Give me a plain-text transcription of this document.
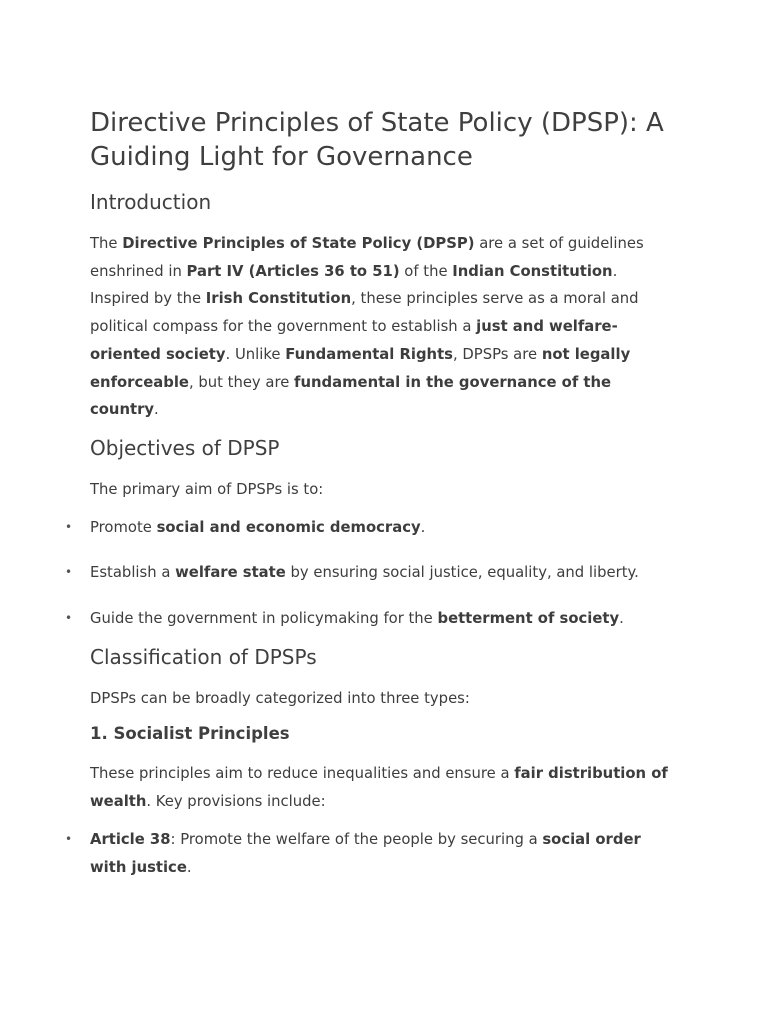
Directive Principles of State Policy (DPSP): A Guiding Light for Governance
Introduction

The Directive Principles of State Policy (DPSP) are a set of guidelines enshrined in Part IV (Articles 36 to 51) of the Indian Constitution. Inspired by the Irish Constitution, these principles serve as a moral and political compass for the government to establish a just and welfare-oriented society. Unlike Fundamental Rights, DPSPs are not legally enforceable, but they are fundamental in the governance of the country.

Objectives of DPSP

The primary aim of DPSPs is to:

• Promote social and economic democracy.
• Establish a welfare state by ensuring social justice, equality, and liberty.
• Guide the government in policymaking for the betterment of society.
Classification of DPSPs

DPSPs can be broadly categorized into three types:

1. Socialist Principles

These principles aim to reduce inequalities and ensure a fair distribution of wealth. Key provisions include:

• Article 38: Promote the welfare of the people by securing a social order with justice.
